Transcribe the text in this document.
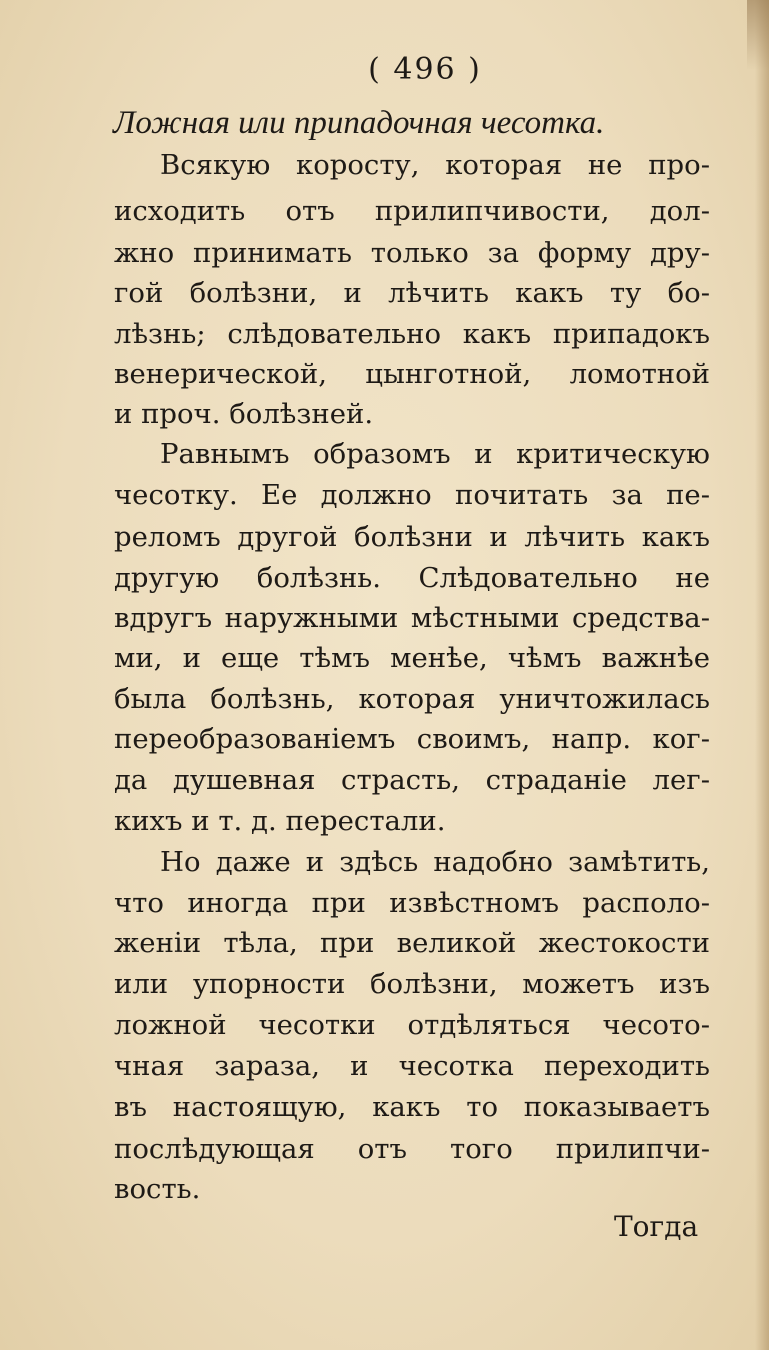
( 496 )
Ложная или припадочная чесотка.
Всякую коросту, которая не про-
исходить отъ прилипчивости, дол-
жно принимать только за форму дру-
гой болѣзни, и лѣчить какъ ту бо-
лѣзнь; слѣдовательно какъ припадокъ
венерической, цынготной, ломотной
и проч. болѣзней.
Равнымъ образомъ и критическую
чесотку. Ее должно почитать за пе-
реломъ другой болѣзни и лѣчить какъ
другую болѣзнь. Слѣдовательно не
вдругъ наружными мѣстными средства-
ми, и еще тѣмъ менѣе, чѣмъ важнѣе
была болѣзнь, которая уничтожилась
переобразованіемъ своимъ, напр. ког-
да душевная страсть, страданіе лег-
кихъ и т. д. перестали.
Но даже и здѣсь надобно замѣтить,
что иногда при извѣстномъ располо-
женіи тѣла, при великой жестокости
или упорности болѣзни, можетъ изъ
ложной чесотки отдѣляться чесото-
чная зараза, и чесотка переходить
въ настоящую, какъ то показываетъ
послѣдующая отъ того прилипчи-
вость.
Тогда
